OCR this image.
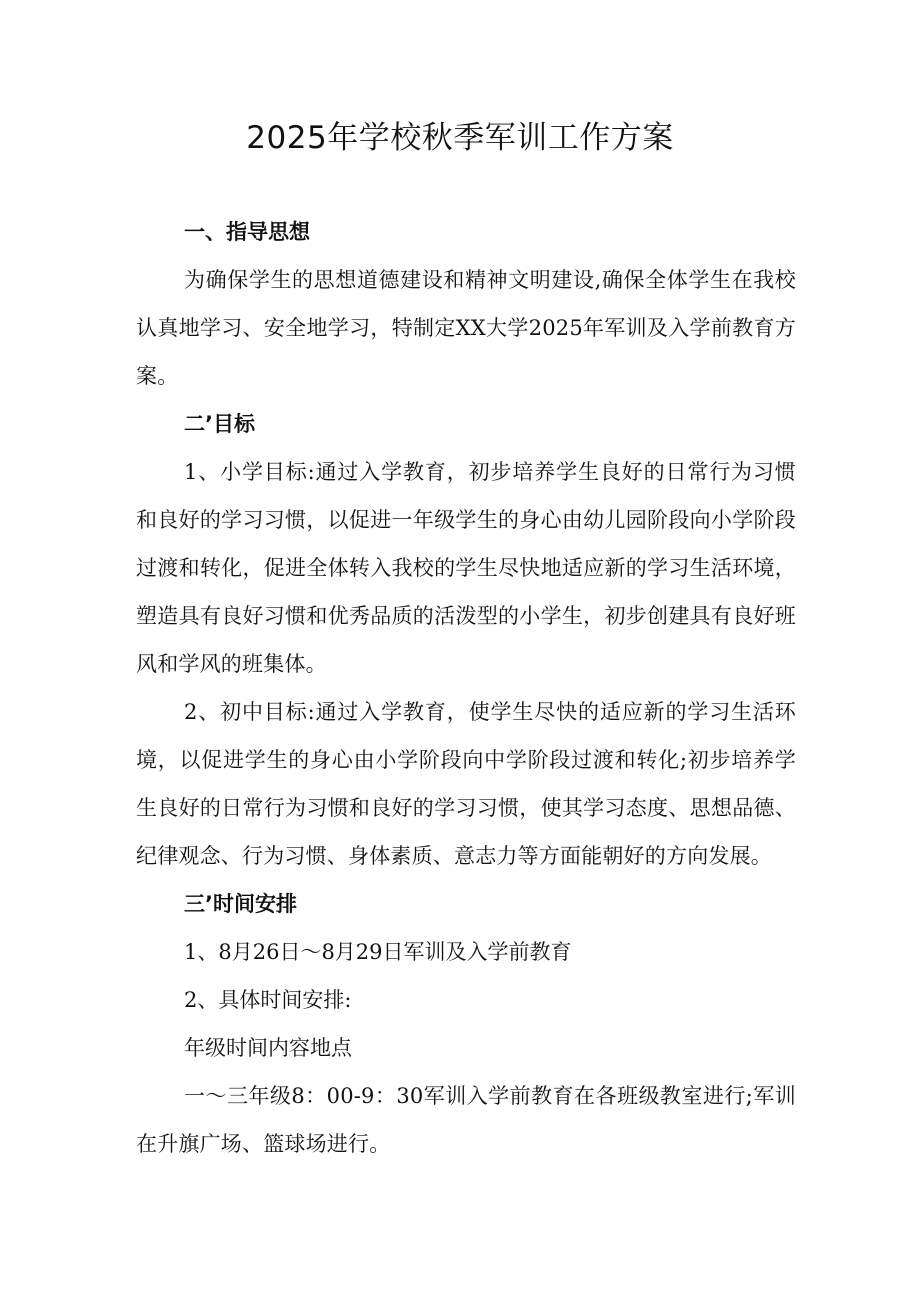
2025年学校秋季军训工作方案
一、指导思想

为确保学生的思想道德建设和精神文明建设,确保全体学生在我校认真地学习、安全地学习，特制定XX大学2025年军训及入学前教育方案。

二’目标

1、小学目标:通过入学教育，初步培养学生良好的日常行为习惯和良好的学习习惯，以促进一年级学生的身心由幼儿园阶段向小学阶段过渡和转化，促进全体转入我校的学生尽快地适应新的学习生活环境，塑造具有良好习惯和优秀品质的活泼型的小学生，初步创建具有良好班风和学风的班集体。

2、初中目标:通过入学教育，使学生尽快的适应新的学习生活环境，以促进学生的身心由小学阶段向中学阶段过渡和转化;初步培养学生良好的日常行为习惯和良好的学习习惯，使其学习态度、思想品德、纪律观念、行为习惯、身体素质、意志力等方面能朝好的方向发展。

三’时间安排

1、8月26日～8月29日军训及入学前教育

2、具体时间安排:

年级时间内容地点

一～三年级8：00-9：30军训入学前教育在各班级教室进行;军训在升旗广场、篮球场进行。
